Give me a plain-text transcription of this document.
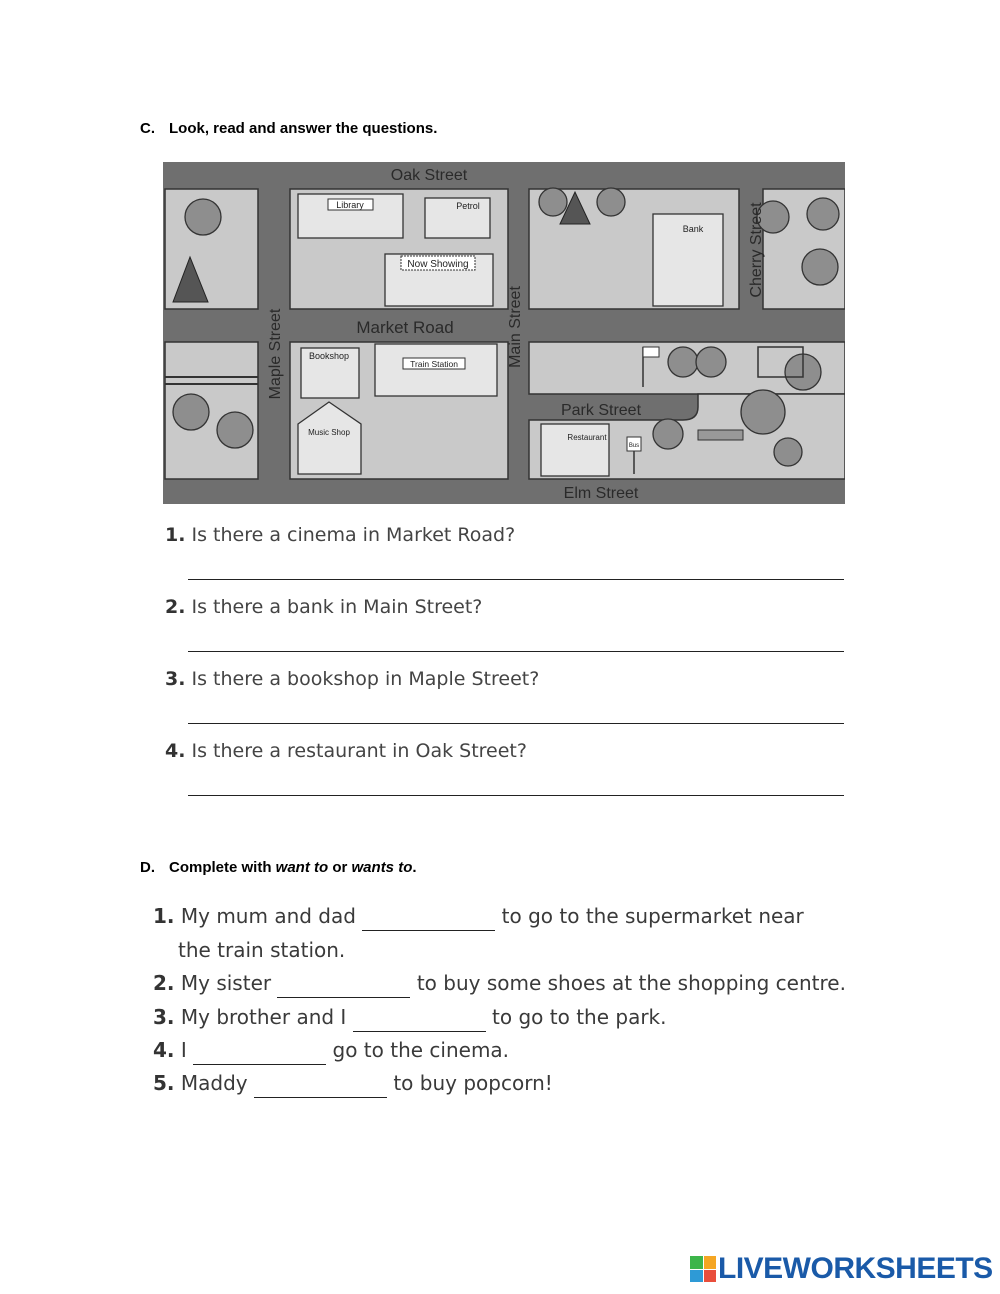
C. Look, read and answer the questions.
Library	Petrol
Now Showing
Bank
Bookshop
Train Station
Music Shop
Restaurant
Bus
Oak Street
Market Road
Park Street
Elm Street
Maple Street	Main Street
Cherry Street
1. Is there a cinema in Market Road?
2. Is there a bank in Main Street?
3. Is there a bookshop in Maple Street?
4. Is there a restaurant in Oak Street?
D. Complete with want to or wants to.
1. My mum and dad	to go to the supermarket near
the train station.
2. My sister	to buy some shoes at the shopping centre.
3. My brother and I	to go to the park.
4. I	go to the cinema.
5. Maddy	to buy popcorn!
LIVEWORKSHEETS
